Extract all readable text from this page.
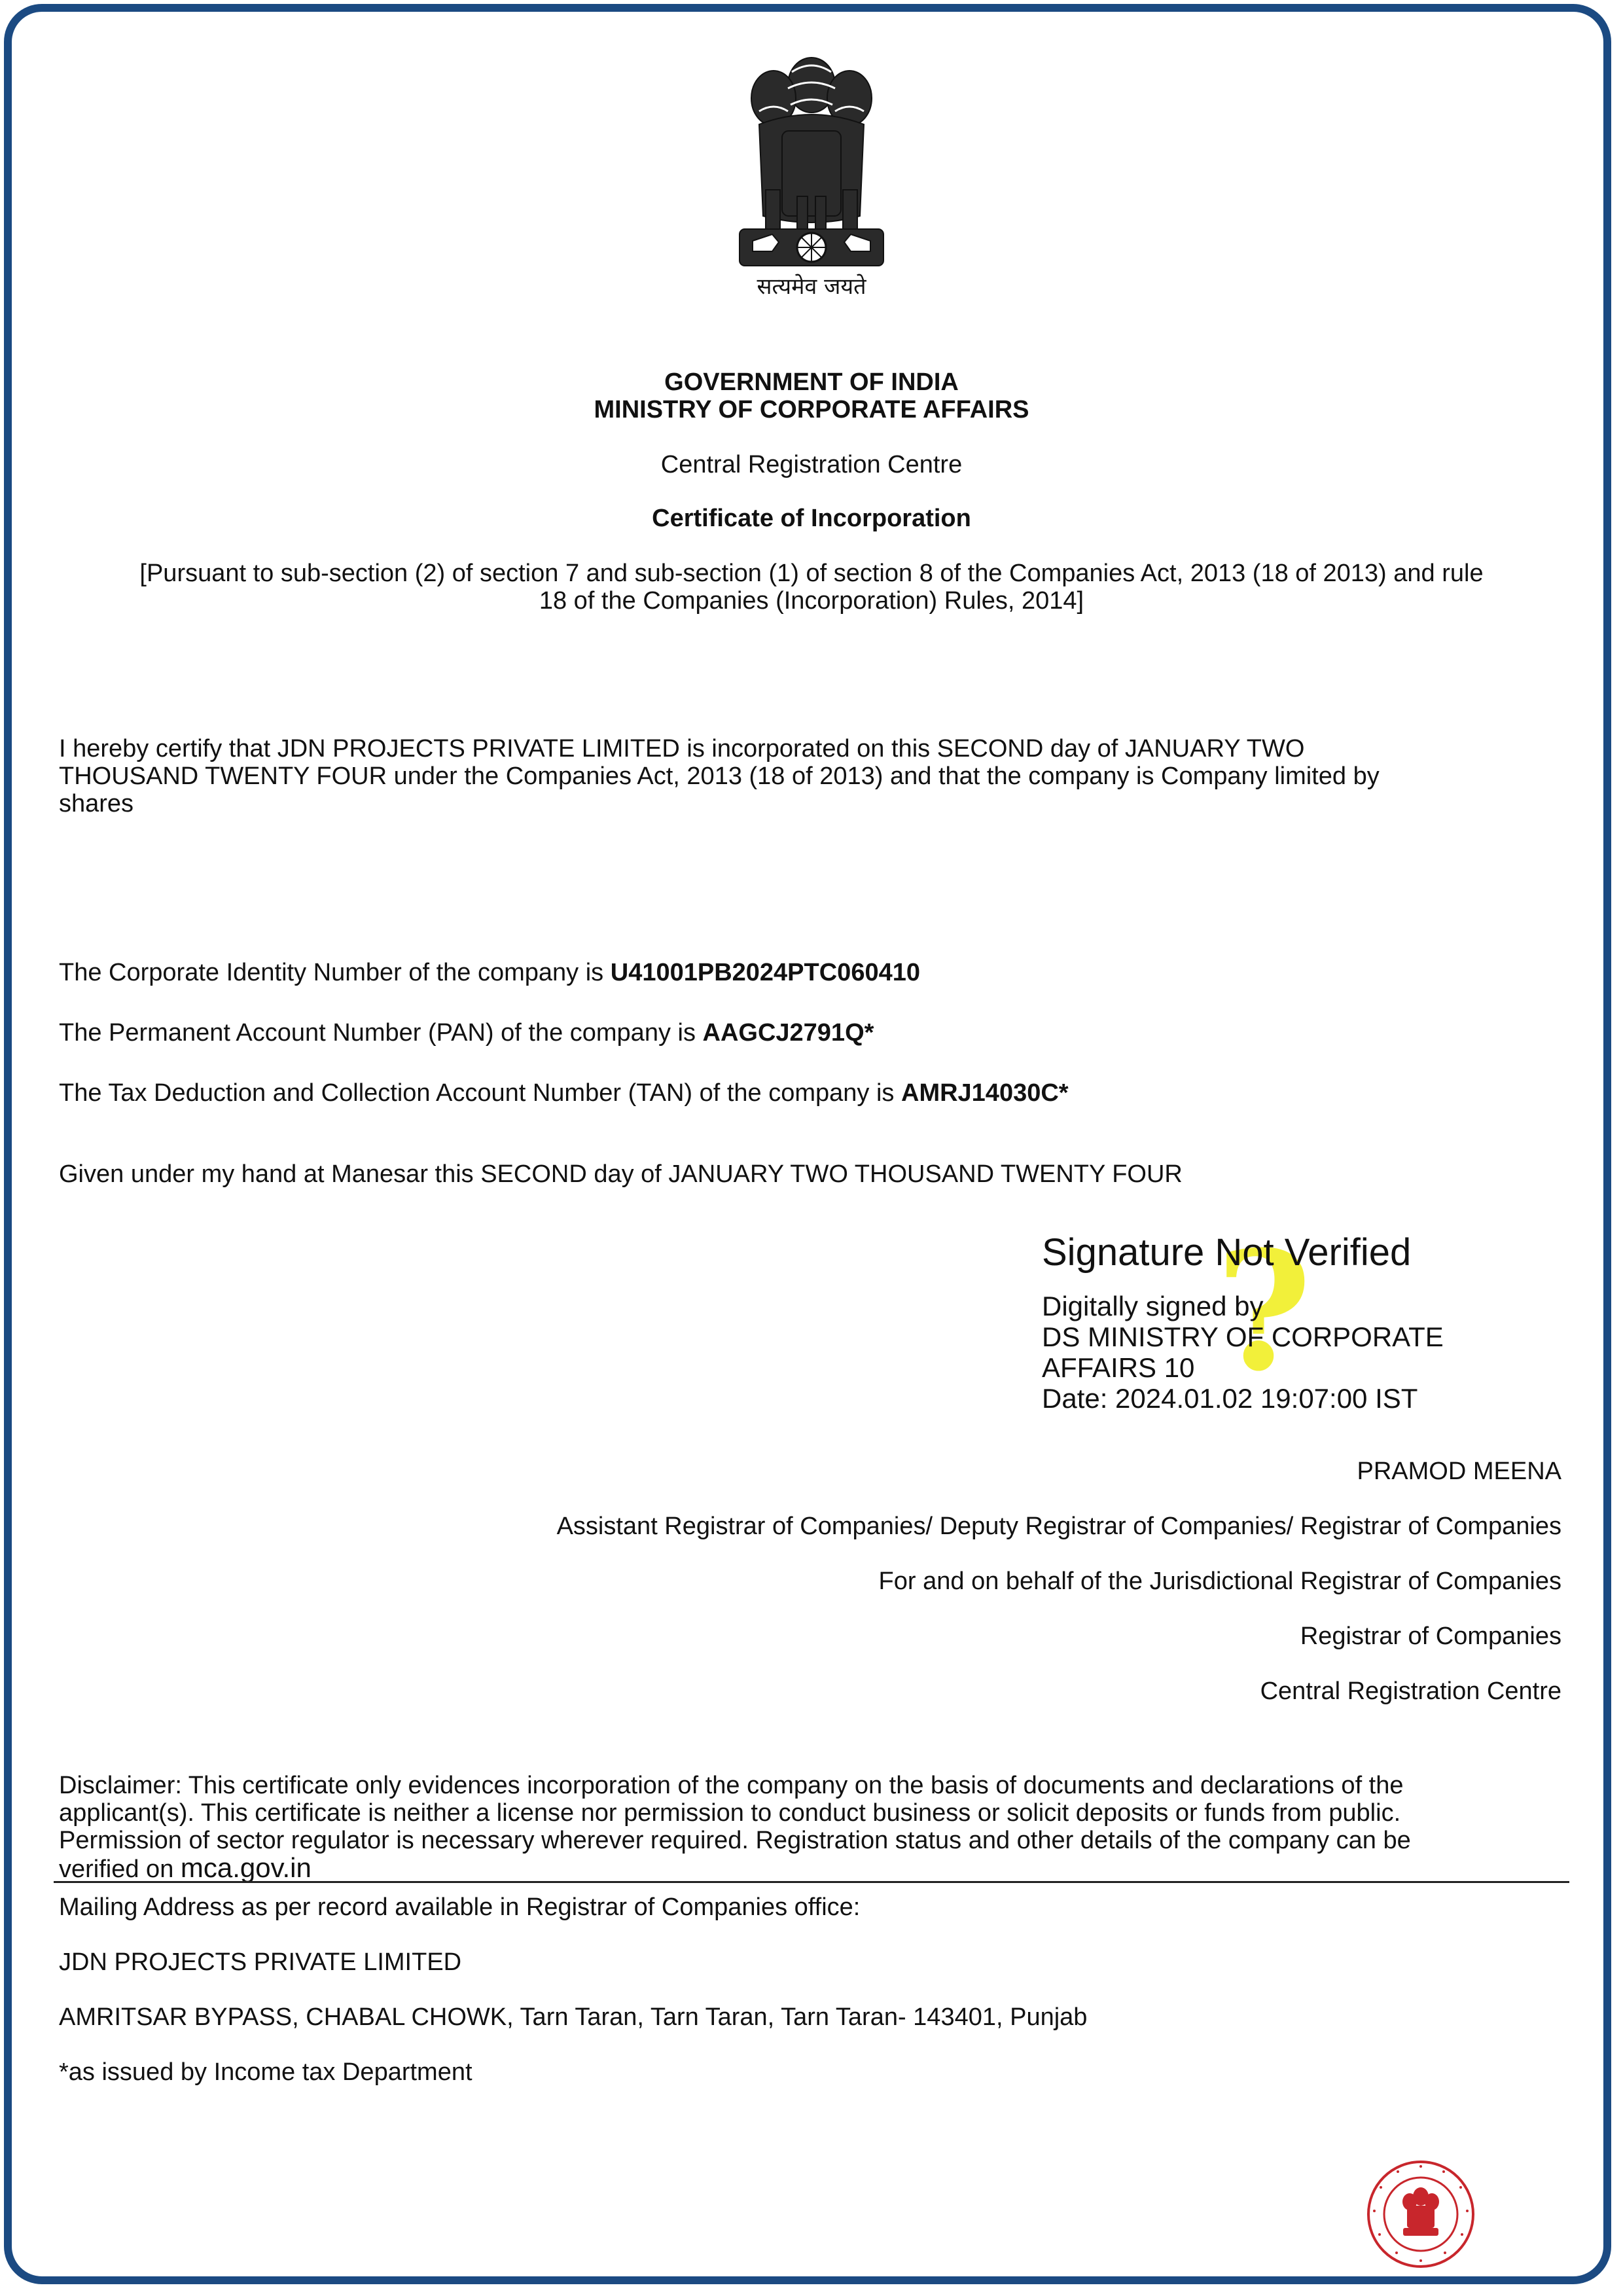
सत्यमेव जयते
GOVERNMENT OF INDIA
MINISTRY OF CORPORATE AFFAIRS
Central Registration Centre
Certificate of Incorporation
[Pursuant to sub-section (2) of section 7 and sub-section (1) of section 8 of the Companies Act, 2013 (18 of 2013) and rule
18 of the Companies (Incorporation) Rules, 2014]
I hereby certify that JDN PROJECTS PRIVATE LIMITED is incorporated on this SECOND day of JANUARY TWO
THOUSAND TWENTY FOUR under the Companies Act, 2013 (18 of 2013) and that the company is Company limited by
shares
The Corporate Identity Number of the company is U41001PB2024PTC060410
The Permanent Account Number (PAN) of the company is AAGCJ2791Q*
The Tax Deduction and Collection Account Number (TAN) of the company is AMRJ14030C*
Given under my hand at Manesar this SECOND day of JANUARY TWO THOUSAND TWENTY FOUR
?
Signature Not Verified
Digitally signed by
DS MINISTRY OF CORPORATE
AFFAIRS 10
Date: 2024.01.02 19:07:00 IST
PRAMOD MEENA
Assistant Registrar of Companies/ Deputy Registrar of Companies/ Registrar of Companies
For and on behalf of the Jurisdictional Registrar of Companies
Registrar of Companies
Central Registration Centre
Disclaimer: This certificate only evidences incorporation of the company on the basis of documents and declarations of the
applicant(s). This certificate is neither a license nor permission to conduct business or solicit deposits or funds from public.
Permission of sector regulator is necessary wherever required. Registration status and other details of the company can be
verified on mca.gov.in
Mailing Address as per record available in Registrar of Companies office:
JDN PROJECTS PRIVATE LIMITED
AMRITSAR BYPASS, CHABAL CHOWK, Tarn Taran, Tarn Taran, Tarn Taran- 143401, Punjab
*as issued by Income tax Department
